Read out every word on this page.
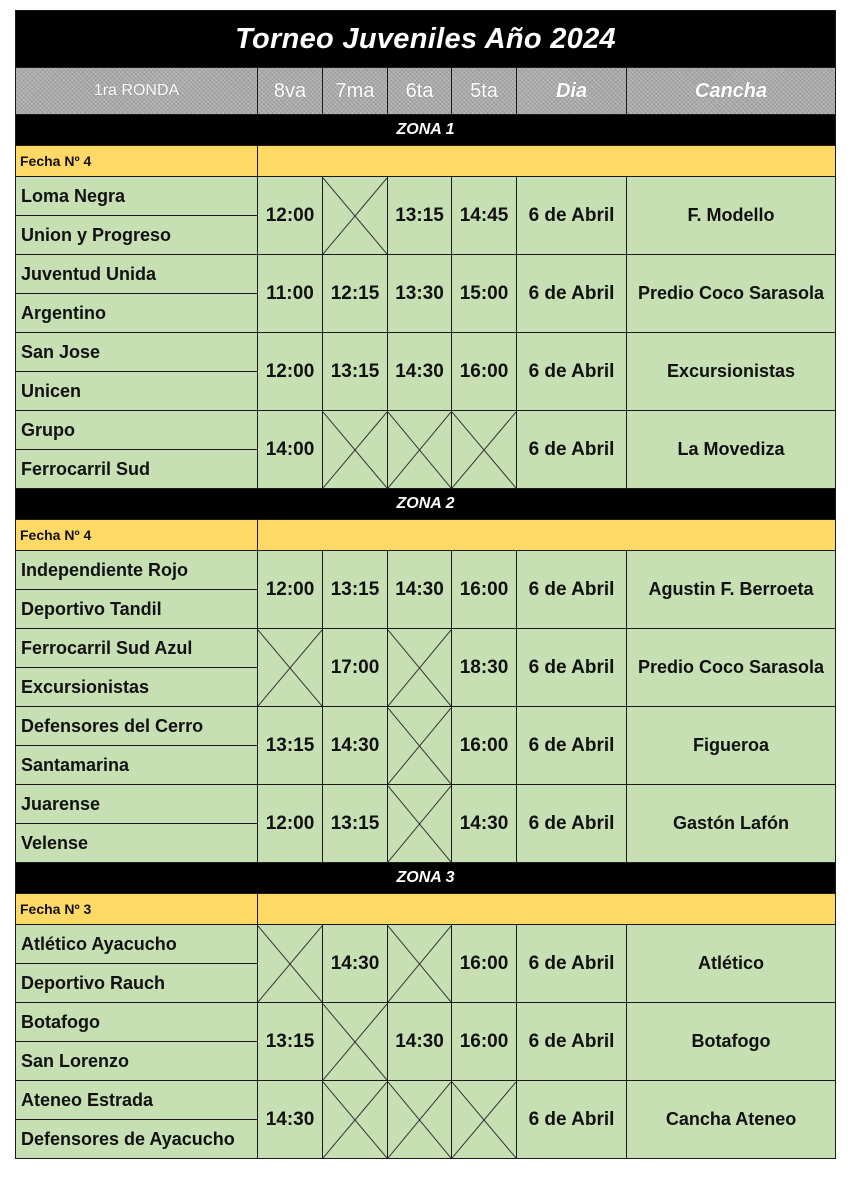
Torneo Juveniles Año 2024						
1ra RONDA	8va	7ma	6ta	5ta	Dia	Cancha
ZONA 1						
Fecha Nº 4						

Loma Negra
Union y Progreso	12:00		13:15	14:45	6 de Abril	F. Modello

Juventud Unida
Argentino	11:00	12:15	13:30	15:00	6 de Abril	Predio Coco Sarasola

San Jose
Unicen	12:00	13:15	14:30	16:00	6 de Abril	Excursionistas

Grupo
Ferrocarril Sud	14:00				6 de Abril	La Movediza
ZONA 2						
Fecha Nº 4						

Independiente Rojo
Deportivo Tandil	12:00	13:15	14:30	16:00	6 de Abril	Agustin F. Berroeta

Ferrocarril Sud Azul
Excursionistas		17:00		18:30	6 de Abril	Predio Coco Sarasola

Defensores del Cerro
Santamarina	13:15	14:30		16:00	6 de Abril	Figueroa

Juarense
Velense	12:00	13:15		14:30	6 de Abril	Gastón Lafón
ZONA 3						
Fecha Nº 3						

Atlético Ayacucho
Deportivo Rauch		14:30		16:00	6 de Abril	Atlético

Botafogo
San Lorenzo	13:15		14:30	16:00	6 de Abril	Botafogo

Ateneo Estrada
Defensores de Ayacucho	14:30				6 de Abril	Cancha Ateneo
